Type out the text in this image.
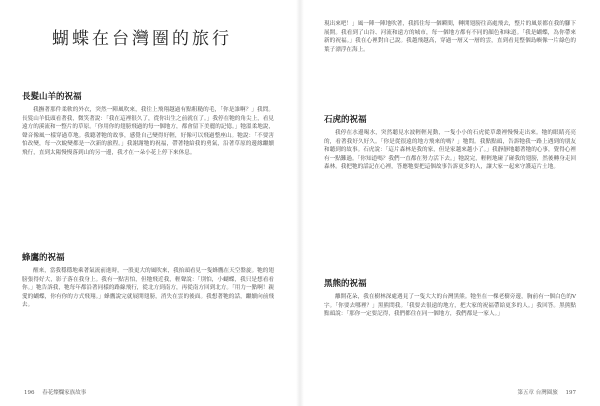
蝴蝶在台灣圈的旅行
長髮山羊的祝福

我撫著那件柔軟的外衣，突然一陣風吹來，我往上飛翔越過有點粗糙的毛，「你是誰啊？」我問。長髮山羊低頭看著我，微笑著說：「我在這裡很久了，從你出生之前就在了。」我停在牠的角尖上，看見遠方的溪流和一整片的草原。「你用你的翅膀飛過的每一個地方，都會留下美麗的記憶。」牠溫柔地說，聲音像風一樣穿過草地。我聽著牠的故事，感覺自己變得好輕，好像可以飛過整座山。牠說：「不要害怕改變，每一次蛻變都是一次新的旅程。」我謝謝牠的祝福，帶著牠給我的勇氣，沿著草原的邊緣繼續飛行，直到太陽慢慢落到山的另一邊，我才在一朵小花上停下來休息。

蜂鷹的祝福

醒來，當我穩穩地乘著氣流前進時，一股更大的風吹來，我抬頭看見一隻蜂鷹在天空盤旋。牠的翅膀張得好大，影子落在我身上。我有一點害怕，但牠飛近我，輕聲說：「別怕，小蝴蝶，我只是想看看你。」牠告訴我，牠每年都沿著同樣的路線飛行，從北方到南方，再從南方回到北方。「用力一點啊！親愛的蝴蝶，你有你的方式飛翔。」蜂鷹說完就展開翅膀，消失在雲的後面。我想著牠的話，繼續向前飛去。

196 春花燦爛家族故事

現出來吧！」風一陣一陣地吹著，我抓住每一個瞬間，轉開翅膀往高處飛去，整片的風景都在我的腳下展開。我看到了山谷、河流和遠方的城市，每一個地方都有不同的顏色和味道。「我是蝴蝶，為你帶來新的祝福。」我在心裡對自己說。我越飛越高，穿過一層又一層的雲，直到看見整個島嶼像一片綠色的葉子漂浮在海上。

石虎的祝福

我停在水邊喝水，突然聽見水波輕輕晃動，一隻小小的石虎從草叢裡慢慢走出來。牠的眼睛亮亮的，看著我好久好久。「你是從很遠的地方飛來的嗎？」牠問。我點點頭，告訴牠我一路上遇到的朋友和聽到的故事。石虎說：「這片森林是我的家，但是家越來越小了。」我靜靜地聽著牠的心事，覺得心裡有一點難過。「你知道嗎？我們一直都在努力活下去。」牠說完，輕輕地碰了碰我的翅膀，然後轉身走回森林。我把牠的話記在心裡，答應牠要把這個故事告訴更多的人，讓大家一起來守護這片土地。

黑熊的祝福

離開花朵，我在樹林深處遇見了一隻大大的台灣黑熊。牠坐在一棵老樹旁邊，胸前有一個白色的V字。「你要去哪裡？」黑熊問我。「我要去很遠的地方，把大家的祝福帶給更多的人。」我回答。黑熊點點頭說：「那你一定要記得，我們都住在同一個地方，我們都是一家人。」

第五章 台灣圈旅 197
